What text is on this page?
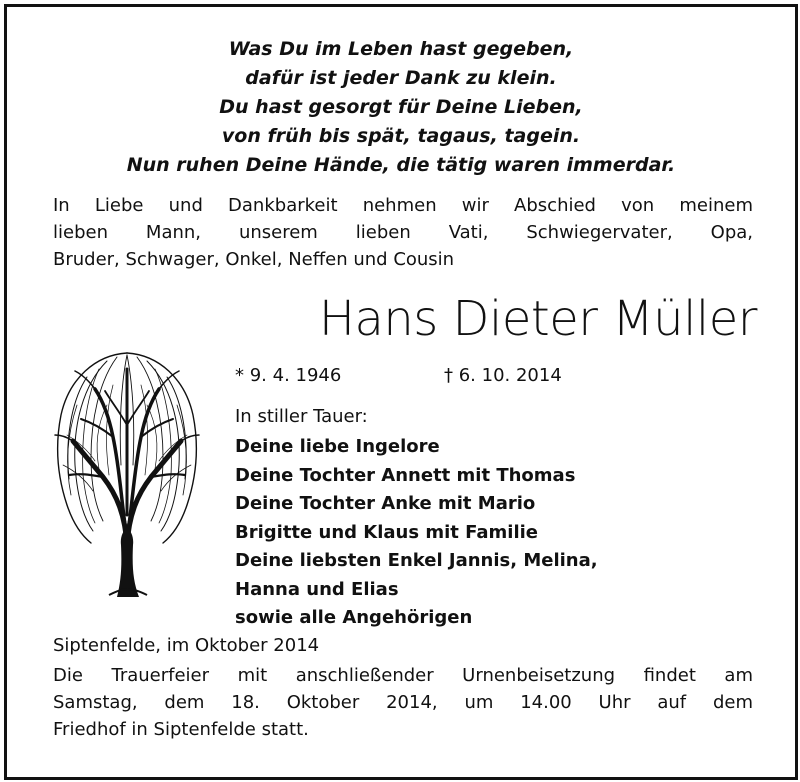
Was Du im Leben hast gegeben,
dafür ist jeder Dank zu klein.
Du hast gesorgt für Deine Lieben,
von früh bis spät, tagaus, tagein.
Nun ruhen Deine Hände, die tätig waren immerdar.
In Liebe und Dankbarkeit nehmen wir Abschied von meinem
lieben Mann, unserem lieben Vati, Schwiegervater, Opa,
Bruder, Schwager, Onkel, Neffen und Cousin
Hans Dieter Müller
* 9. 4. 1946	† 6. 10. 2014
In stiller Tauer:
Deine liebe Ingelore
Deine Tochter Annett mit Thomas
Deine Tochter Anke mit Mario
Brigitte und Klaus mit Familie
Deine liebsten Enkel Jannis, Melina,
Hanna und Elias
sowie alle Angehörigen
Siptenfelde, im Oktober 2014
Die Trauerfeier mit anschließender Urnenbeisetzung findet am
Samstag, dem 18. Oktober 2014, um 14.00 Uhr auf dem
Friedhof in Siptenfelde statt.
